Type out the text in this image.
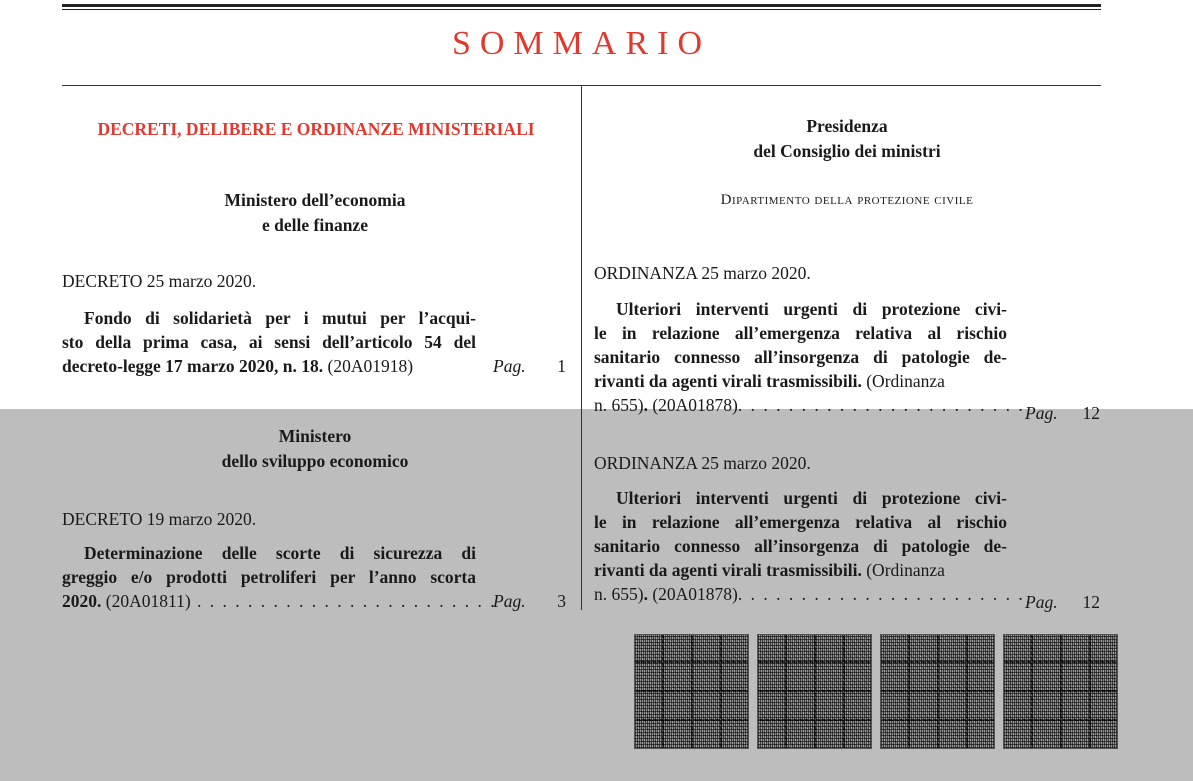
SOMMARIO
DECRETI, DELIBERE E ORDINANZE MINISTERIALI
Ministero dell’economia
e delle finanze
DECRETO 25 marzo 2020.
Fondo di solidarietà per i mutui per l’acqui-
sto della prima casa, ai sensi dell’articolo 54 del
decreto-legge 17 marzo 2020, n. 18. (20A01918)	Pag.	1
Ministero
dello sviluppo economico
DECRETO 19 marzo 2020.
Determinazione delle scorte di sicurezza di
greggio e/o prodotti petroliferi per l’anno scorta
2020. (20A01811) . . . . . . . . . . . . . . . . . . . . . . . .
Pag.	3
Presidenza
del Consiglio dei ministri
Dipartimento della protezione civile
ORDINANZA 25 marzo 2020.
Ulteriori interventi urgenti di protezione civi-
le in relazione all’emergenza relativa al rischio
sanitario connesso all’insorgenza di patologie de-
rivanti da agenti virali trasmissibili. (Ordinanza
n. 655). (20A01878). . . . . . . . . . . . . . . . . . . . . . . Pag.	12
ORDINANZA 25 marzo 2020.
Ulteriori interventi urgenti di protezione civi-
le in relazione all’emergenza relativa al rischio
sanitario connesso all’insorgenza di patologie de-
rivanti da agenti virali trasmissibili. (Ordinanza
n. 655). (20A01878). . . . . . . . . . . . . . . . . . . . . . . Pag.	12
